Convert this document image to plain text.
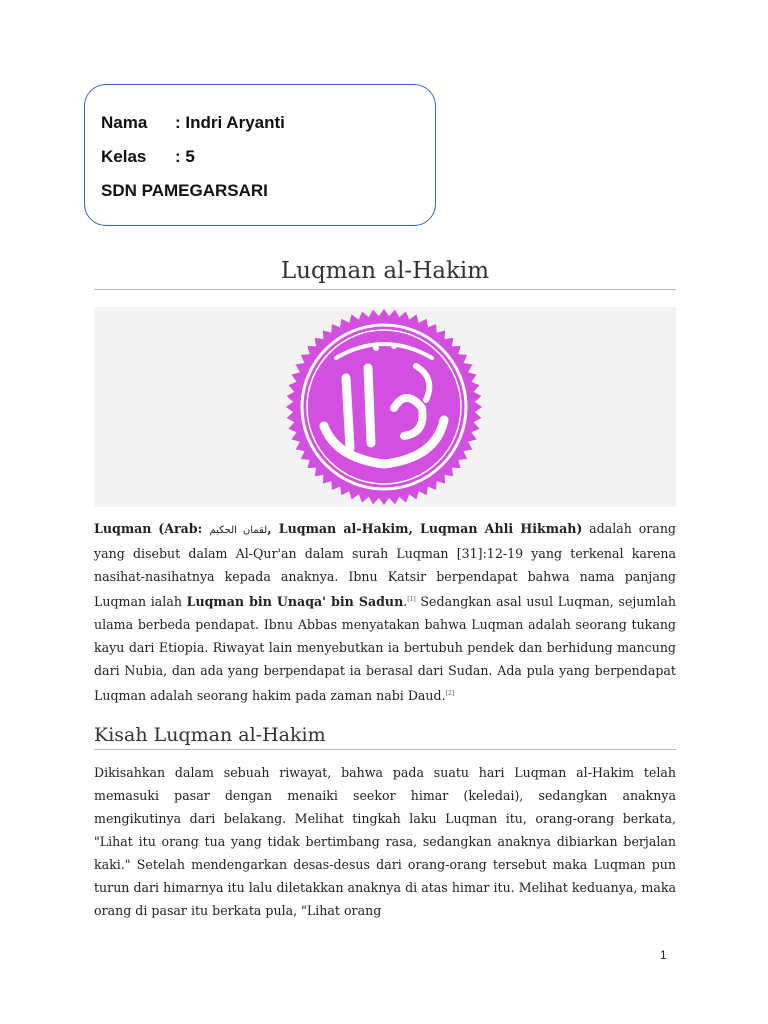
Nama : Indri Aryanti
Kelas : 5
SDN PAMEGARSARI
Luqman al-Hakim
Luqman (Arab: لقمان الحكيم, Luqman al-Hakim, Luqman Ahli Hikmah) adalah orang yang disebut dalam Al-Qur'an dalam surah Luqman [31]:12-19 yang terkenal karena nasihat-nasihatnya kepada anaknya. Ibnu Katsir berpendapat bahwa nama panjang Luqman ialah Luqman bin Unaqa' bin Sadun.[1] Sedangkan asal usul Luqman, sejumlah ulama berbeda pendapat. Ibnu Abbas menyatakan bahwa Luqman adalah seorang tukang kayu dari Etiopia. Riwayat lain menyebutkan ia bertubuh pendek dan berhidung mancung dari Nubia, dan ada yang berpendapat ia berasal dari Sudan. Ada pula yang berpendapat Luqman adalah seorang hakim pada zaman nabi Daud.[2]
Kisah Luqman al-Hakim
Dikisahkan dalam sebuah riwayat, bahwa pada suatu hari Luqman al-Hakim telah memasuki pasar dengan menaiki seekor himar (keledai), sedangkan anaknya mengikutinya dari belakang. Melihat tingkah laku Luqman itu, orang-orang berkata, "Lihat itu orang tua yang tidak bertimbang rasa, sedangkan anaknya dibiarkan berjalan kaki." Setelah mendengarkan desas-desus dari orang-orang tersebut maka Luqman pun turun dari himarnya itu lalu diletakkan anaknya di atas himar itu. Melihat keduanya, maka orang di pasar itu berkata pula, "Lihat orang
1
